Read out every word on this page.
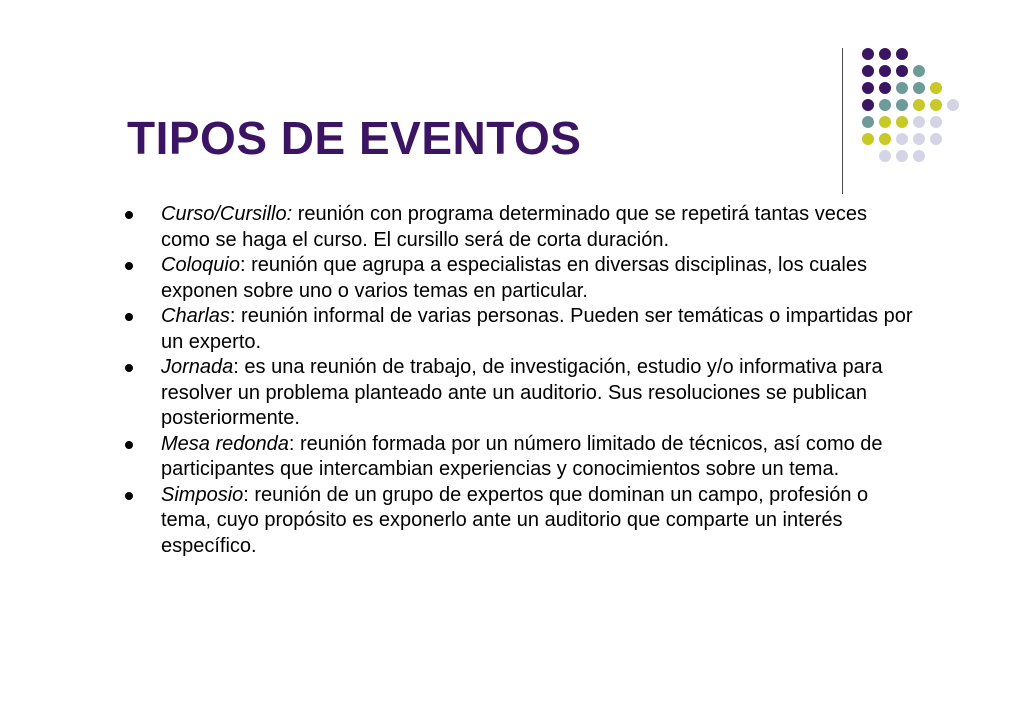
TIPOS DE EVENTOS
Curso/Cursillo: reunión con programa determinado que se repetirá tantas veces como se haga el curso. El cursillo será de corta duración.
Coloquio: reunión que agrupa a especialistas en diversas disciplinas, los cuales exponen sobre uno o varios temas en particular.
Charlas: reunión informal de varias personas. Pueden ser temáticas o impartidas por un experto.
Jornada: es una reunión de trabajo, de investigación, estudio y/o informativa para resolver un problema planteado ante un auditorio. Sus resoluciones se publican posteriormente.
Mesa redonda: reunión formada por un número limitado de técnicos, así como de participantes que intercambian experiencias y conocimientos sobre un tema.
Simposio: reunión de un grupo de expertos que dominan un campo, profesión o tema, cuyo propósito es exponerlo ante un auditorio que comparte un interés específico.
